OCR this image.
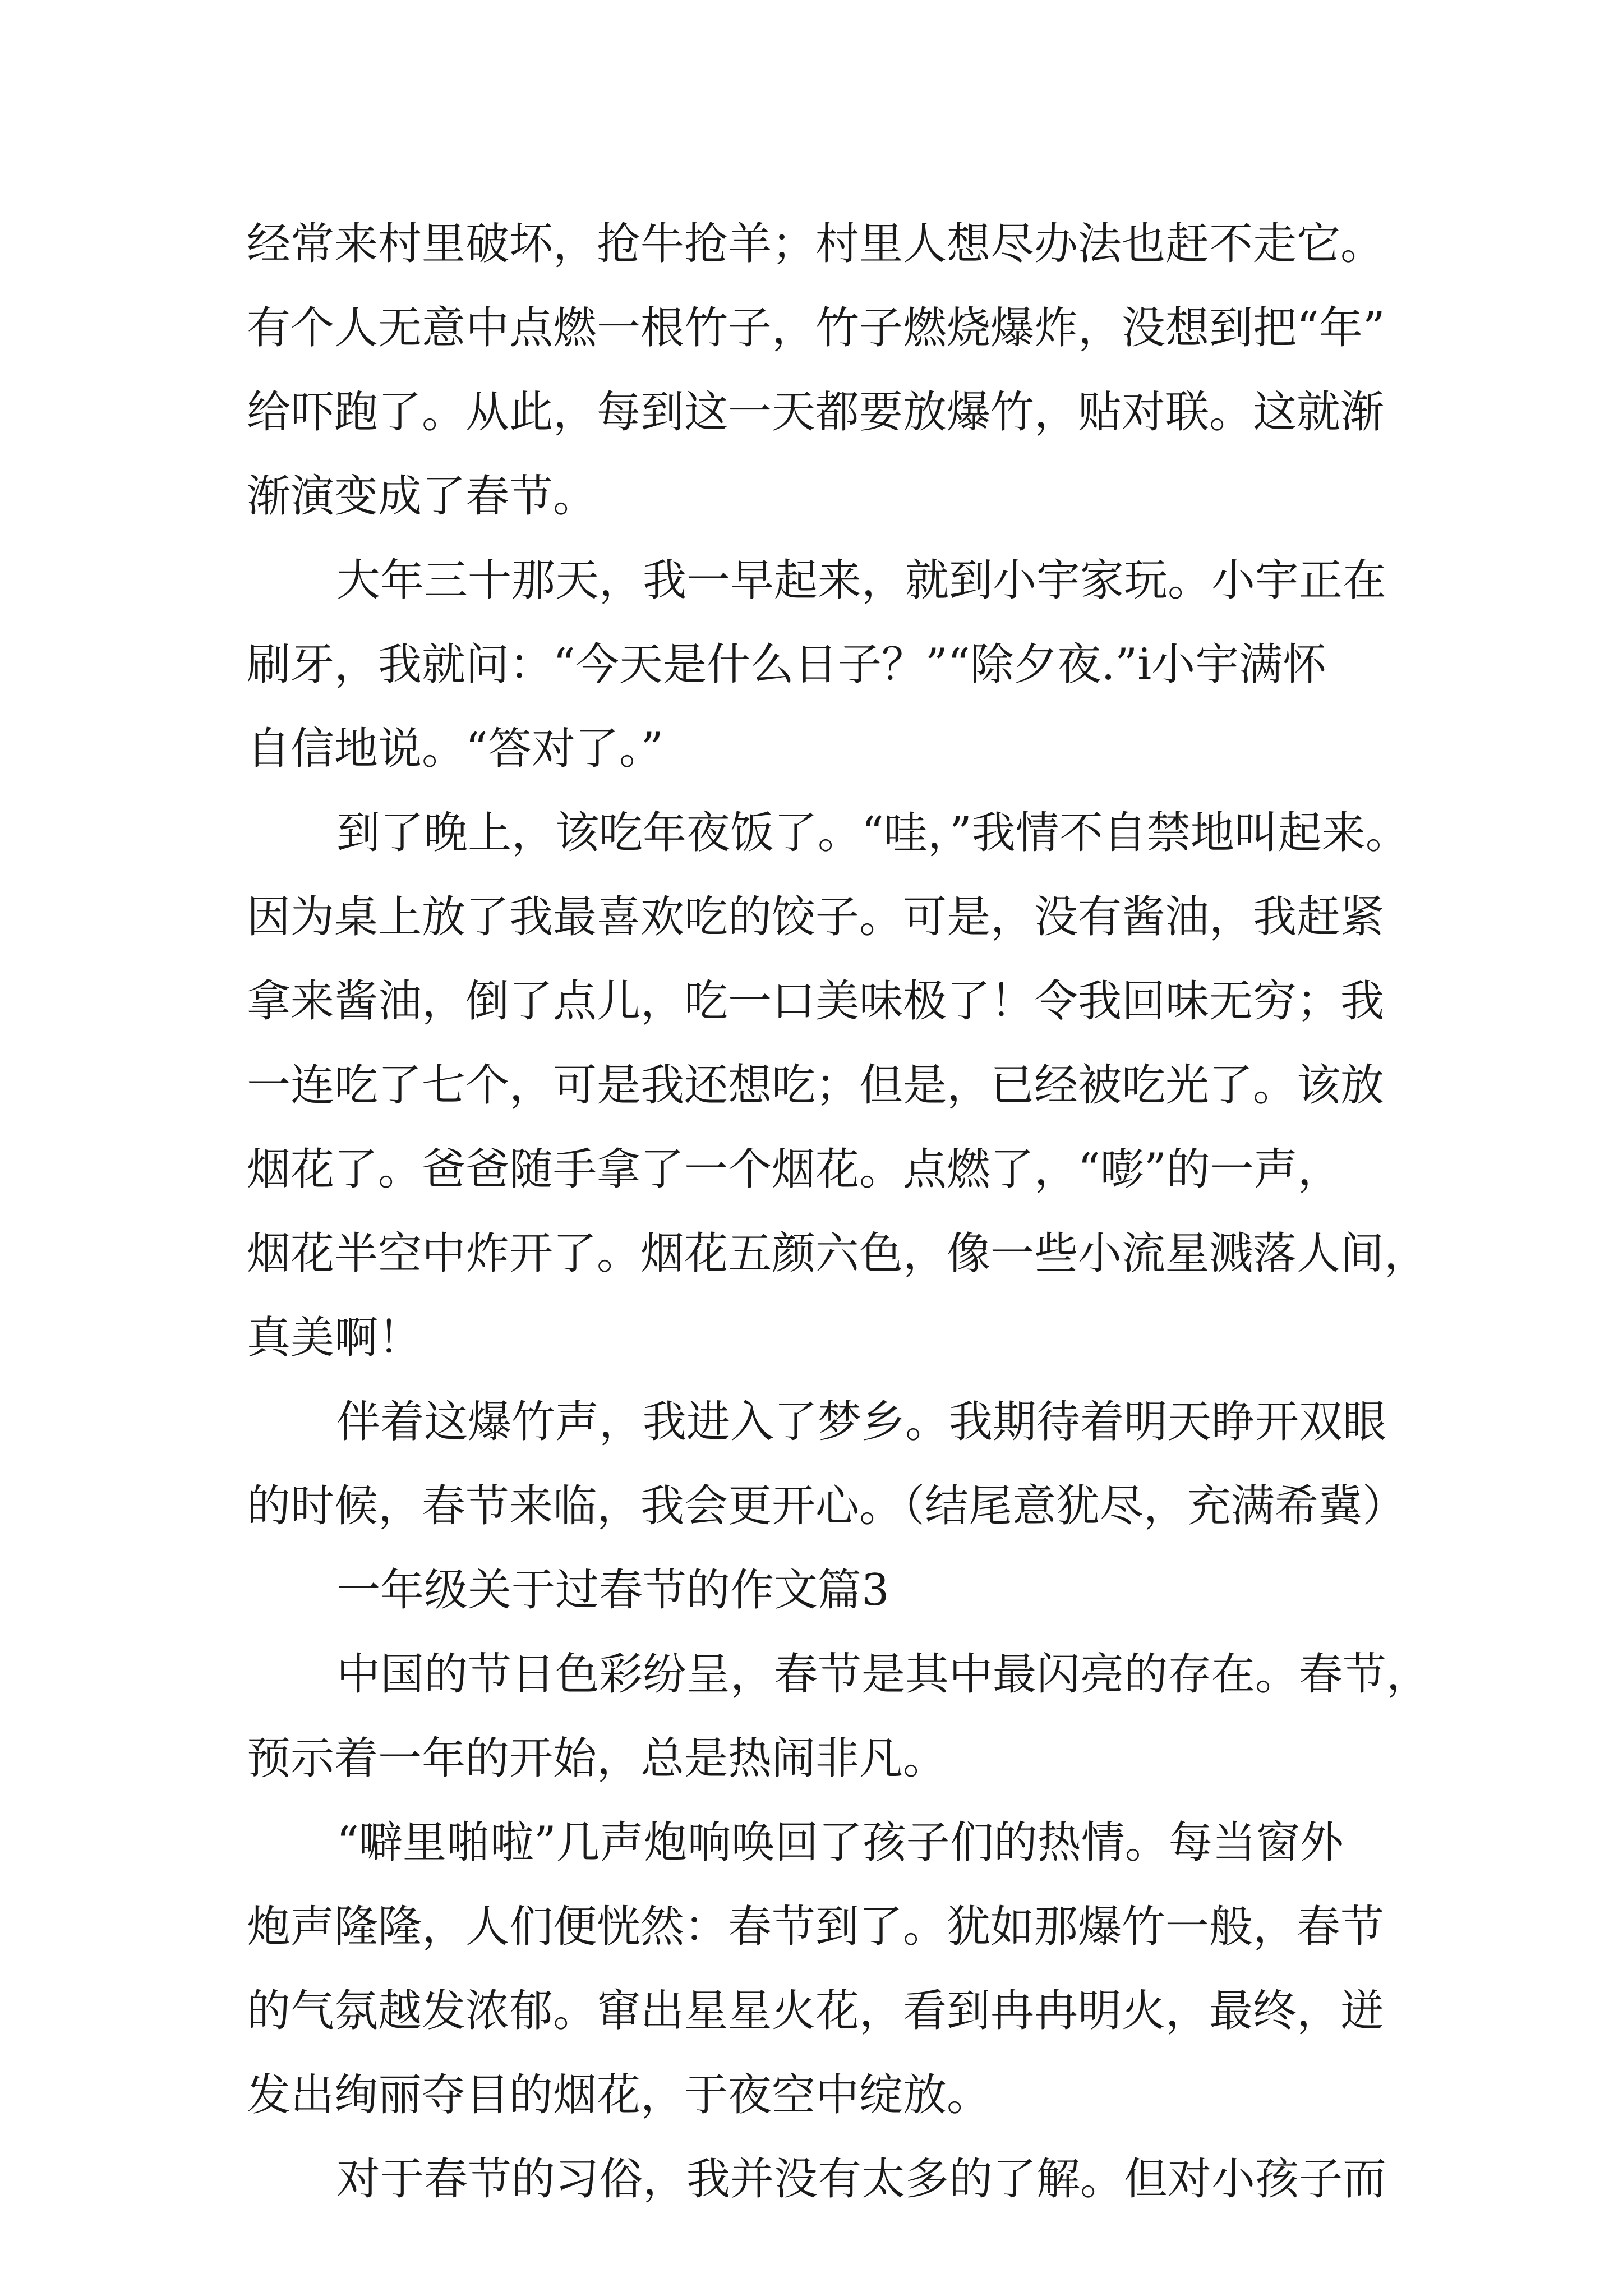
经常来村里破坏，抢牛抢羊；村里人想尽办法也赶不走它。
有个人无意中点燃一根竹子，竹子燃烧爆炸，没想到把“年”
给吓跑了。从此，每到这一天都要放爆竹，贴对联。这就渐
渐演变成了春节。
大年三十那天，我一早起来，就到小宇家玩。小宇正在
刷牙，我就问：“今天是什么日子？”“除夕夜.”i小宇满怀
自信地说。“答对了。”
到了晚上，该吃年夜饭了。“哇，”我情不自禁地叫起来。
因为桌上放了我最喜欢吃的饺子。可是，没有酱油，我赶紧
拿来酱油，倒了点儿，吃一口美味极了！令我回味无穷；我
一连吃了七个，可是我还想吃；但是，已经被吃光了。该放
烟花了。爸爸随手拿了一个烟花。点燃了，“嘭”的一声，
烟花半空中炸开了。烟花五颜六色，像一些小流星溅落人间，
真美啊！
伴着这爆竹声，我进入了梦乡。我期待着明天睁开双眼
的时候，春节来临，我会更开心。（结尾意犹尽，充满希冀）
一年级关于过春节的作文篇3
中国的节日色彩纷呈，春节是其中最闪亮的存在。春节，
预示着一年的开始，总是热闹非凡。
“噼里啪啦”几声炮响唤回了孩子们的热情。每当窗外
炮声隆隆，人们便恍然：春节到了。犹如那爆竹一般，春节
的气氛越发浓郁。窜出星星火花，看到冉冉明火，最终，迸
发出绚丽夺目的烟花，于夜空中绽放。
对于春节的习俗，我并没有太多的了解。但对小孩子而
